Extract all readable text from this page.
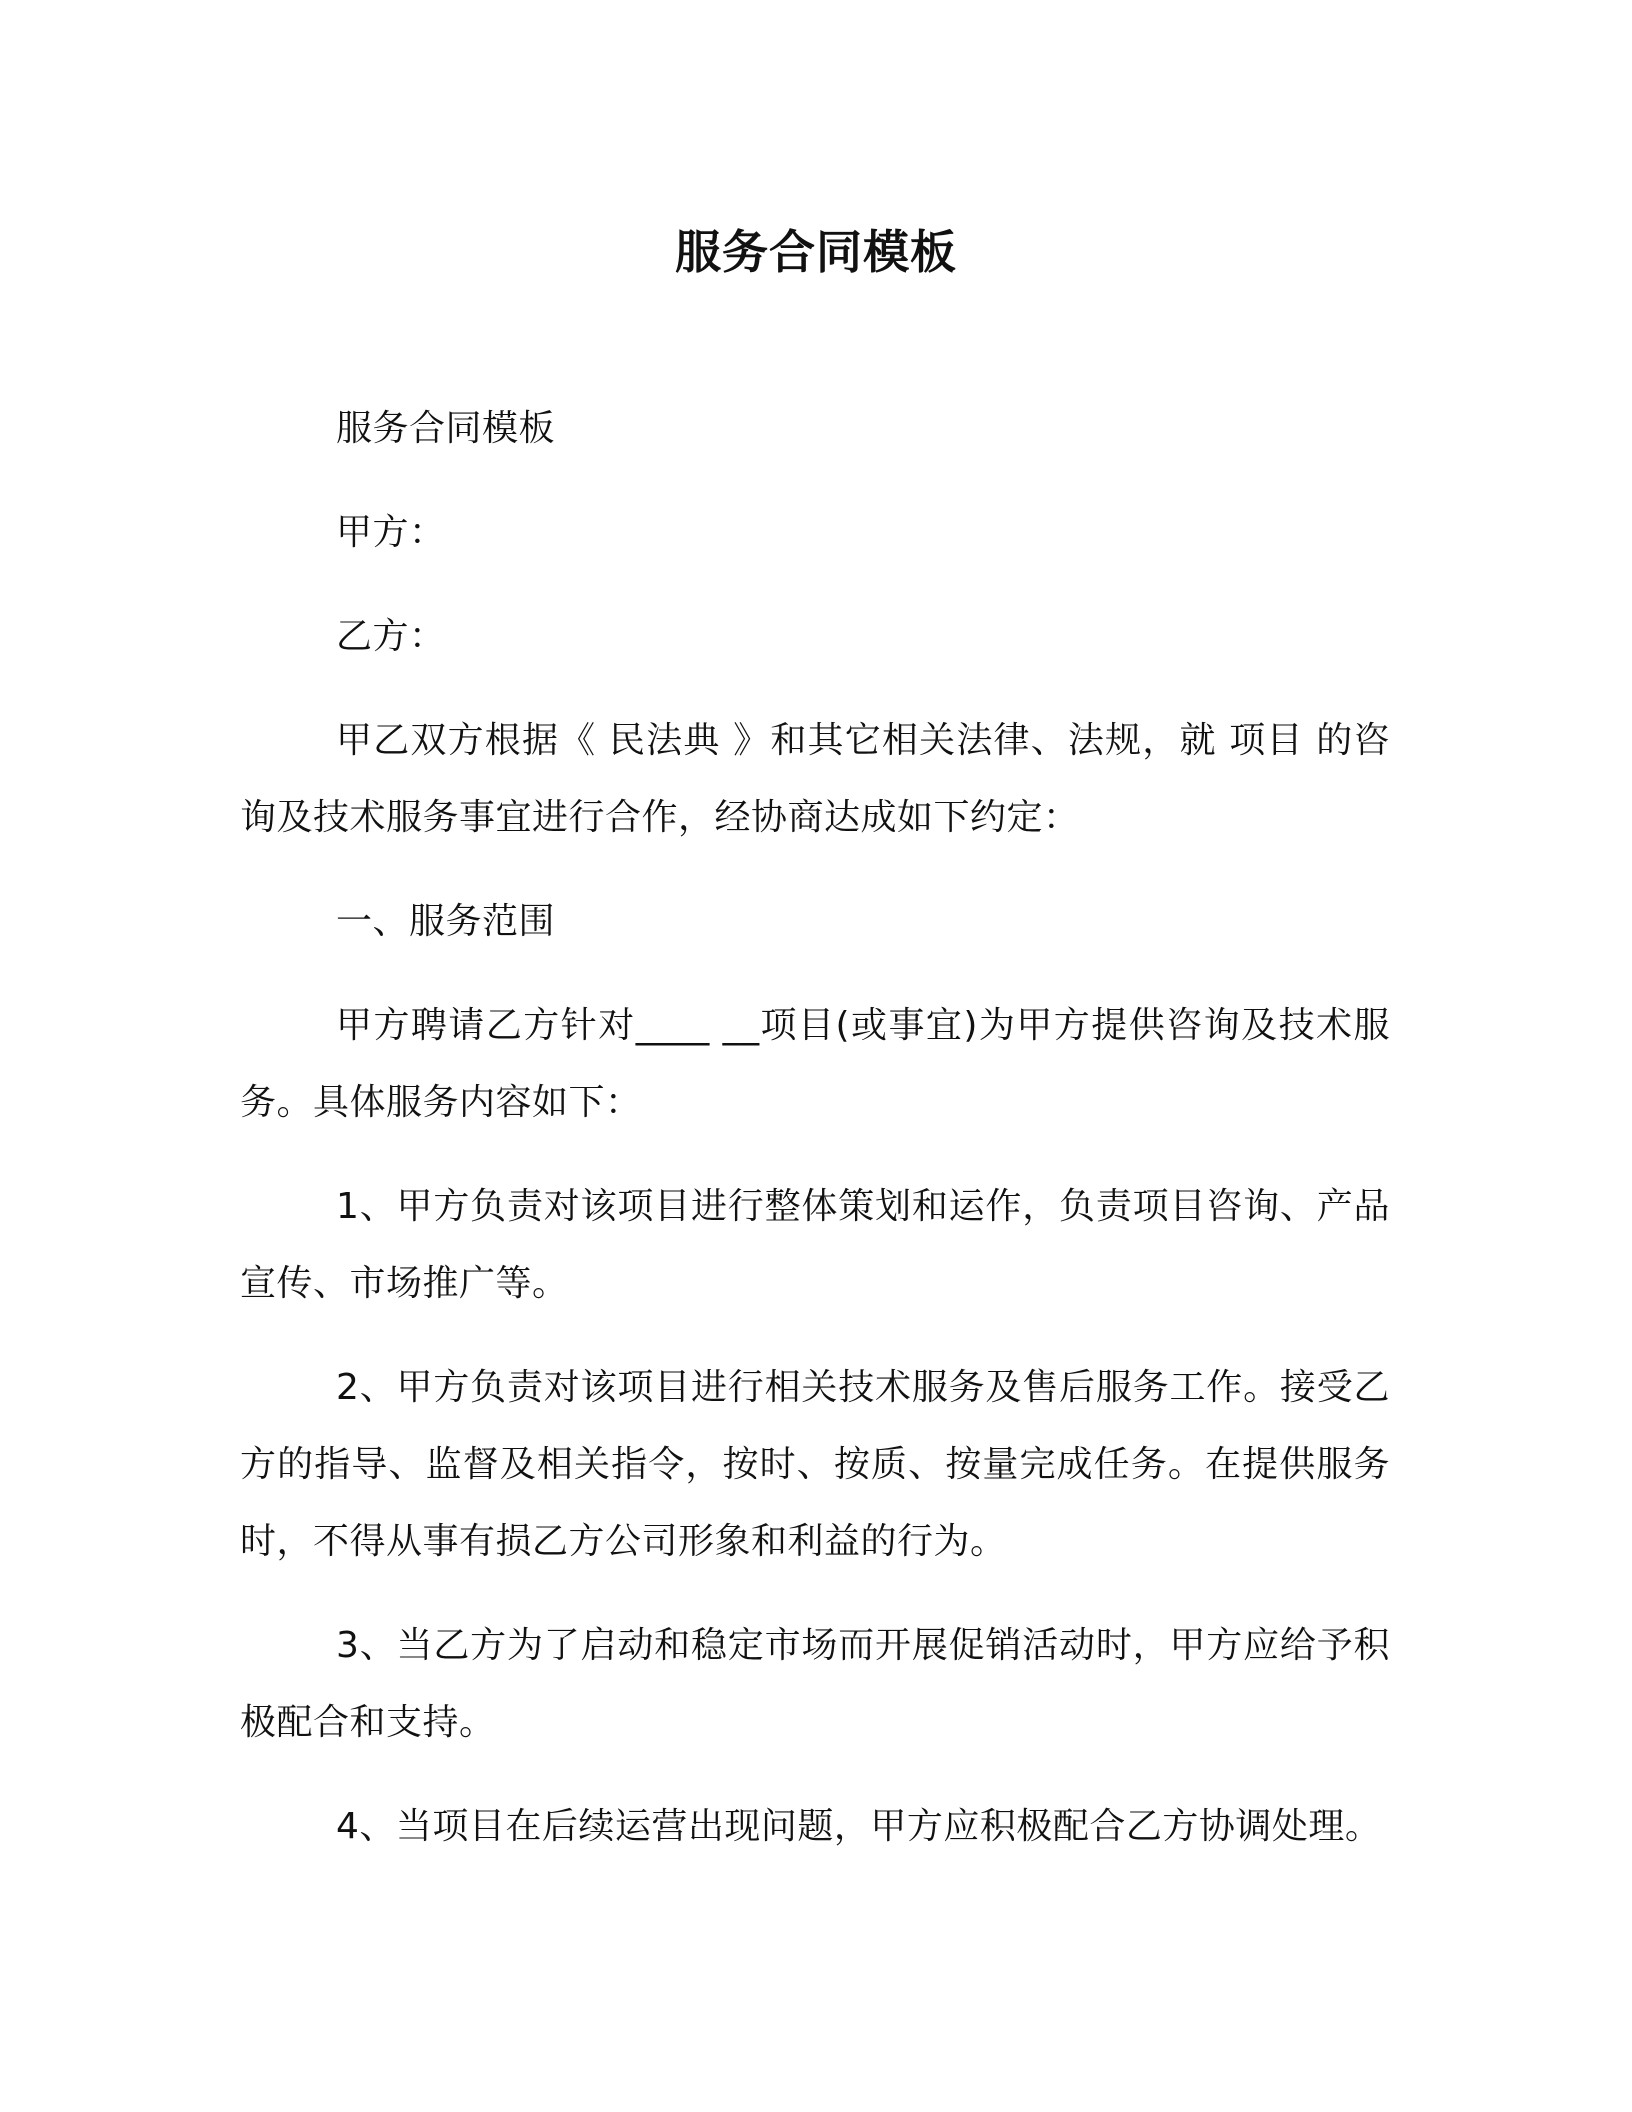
服务合同模板

服务合同模板

甲方：

乙方：

甲乙双方根据《 民法典 》和其它相关法律、法规，就 项目 的咨询及技术服务事宜进行合作，经协商达成如下约定：

一、服务范围

甲方聘请乙方针对____ __项目(或事宜)为甲方提供咨询及技术服务。具体服务内容如下：

1、甲方负责对该项目进行整体策划和运作，负责项目咨询、产品宣传、市场推广等。

2、甲方负责对该项目进行相关技术服务及售后服务工作。接受乙方的指导、监督及相关指令，按时、按质、按量完成任务。在提供服务时，不得从事有损乙方公司形象和利益的行为。

3、当乙方为了启动和稳定市场而开展促销活动时，甲方应给予积极配合和支持。

4、当项目在后续运营出现问题，甲方应积极配合乙方协调处理。
